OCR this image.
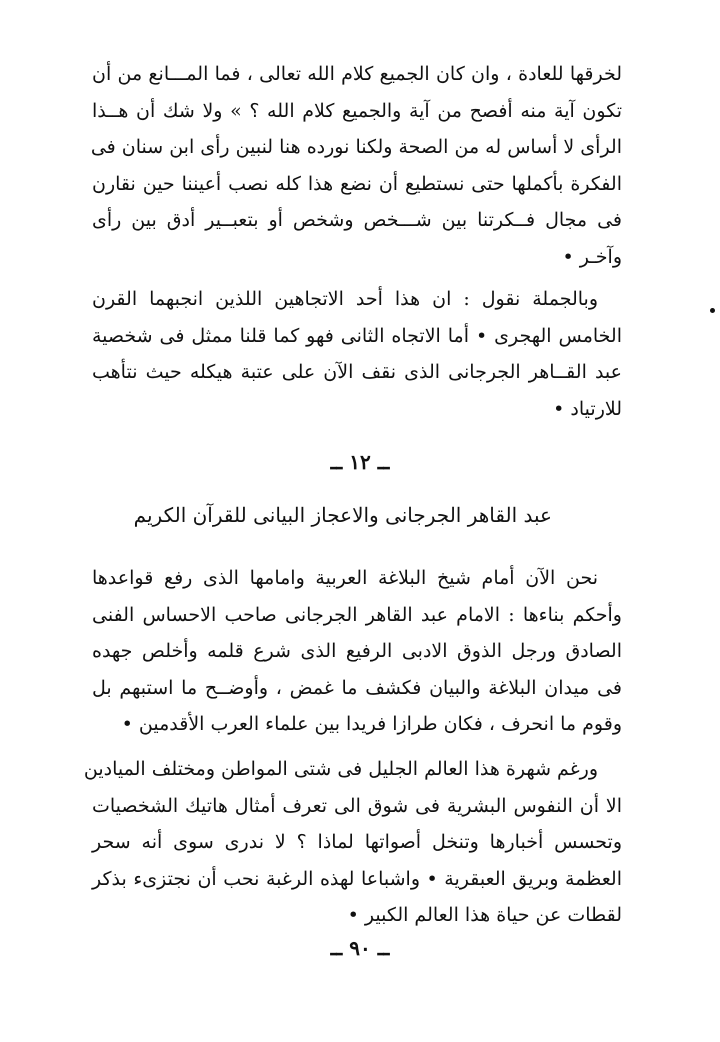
لخرقها للعادة ، وان كان الجميع كلام الله تعالى ، فما المـــانع من أن
تكون آية منه أفصح من آية والجميع كلام الله ؟ » ولا شك أن هــذا
الرأى لا أساس له من الصحة ولكنا نورده هنا لنبين رأى ابن سنان فى
الفكرة بأكملها حتى نستطيع أن نضع هذا كله نصب أعيننا حين نقارن
فى مجال فــكرتنا بين شـــخص وشخص أو بتعبــير أدق بين رأى
وآخـر •
وبالجملة نقول : ان هذا أحد الاتجاهين اللذين انجبهما القرن
الخامس الهجرى • أما الاتجاه الثانى فهو كما قلنا ممثل فى شخصية
عبد القــاهر الجرجانى الذى نقف الآن على عتبة هيكله حيث نتأهب
للارتياد •
ــ ١٢ ــ
عبد القاهر الجرجانى والاعجاز البيانى للقرآن الكريم
نحن الآن أمام شيخ البلاغة العربية وامامها الذى رفع قواعدها
وأحكم بناءها : الامام عبد القاهر الجرجانى صاحب الاحساس الفنى
الصادق ورجل الذوق الادبى الرفيع الذى شرع قلمه وأخلص جهده
فى ميدان البلاغة والبيان فكشف ما غمض ، وأوضــح ما استبهم بل
وقوم ما انحرف ، فكان طرازا فريدا بين علماء العرب الأقدمين •
ورغم شهرة هذا العالم الجليل فى شتى المواطن ومختلف الميادين
الا أن النفوس البشرية فى شوق الى تعرف أمثال هاتيك الشخصيات
وتحسس أخبارها وتنخل أصواتها لماذا ؟ لا ندرى سوى أنه سحر
العظمة وبريق العبقرية • واشباعا لهذه الرغبة نحب أن نجتزىء بذكر
لقطات عن حياة هذا العالم الكبير •
ــ ٩٠ ــ
